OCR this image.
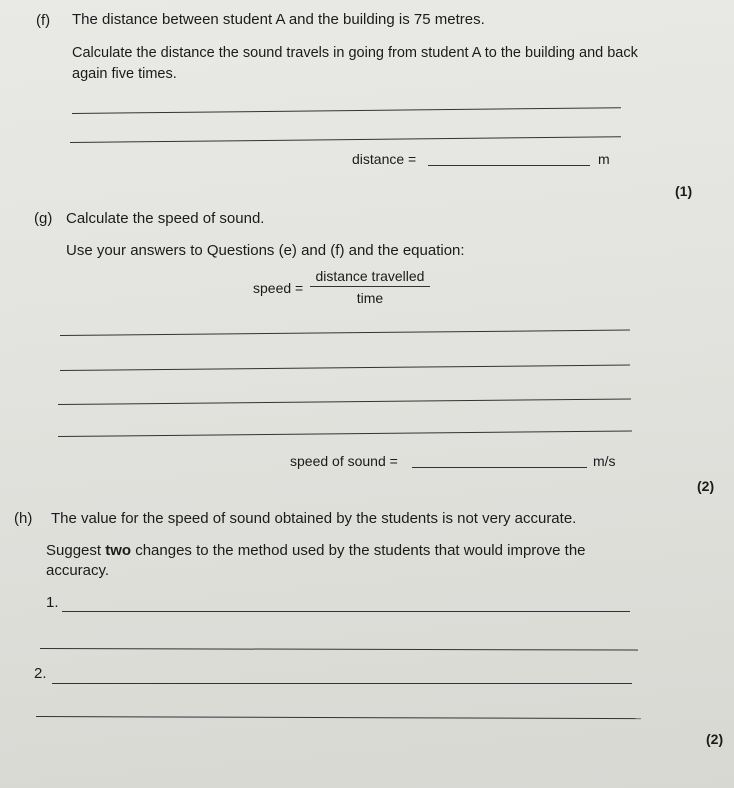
(f) The distance between student A and the building is 75 metres.
Calculate the distance the sound travels in going from student A to the building and back
again five times.
distance =	m
(1)
(g) Calculate the speed of sound.
Use your answers to Questions (e) and (f) and the equation:
speed =
distance travelled
time
speed of sound =	m/s
(2)
(h) The value for the speed of sound obtained by the students is not very accurate.
Suggest two changes to the method used by the students that would improve the
accuracy.
1.
2.
(2)
